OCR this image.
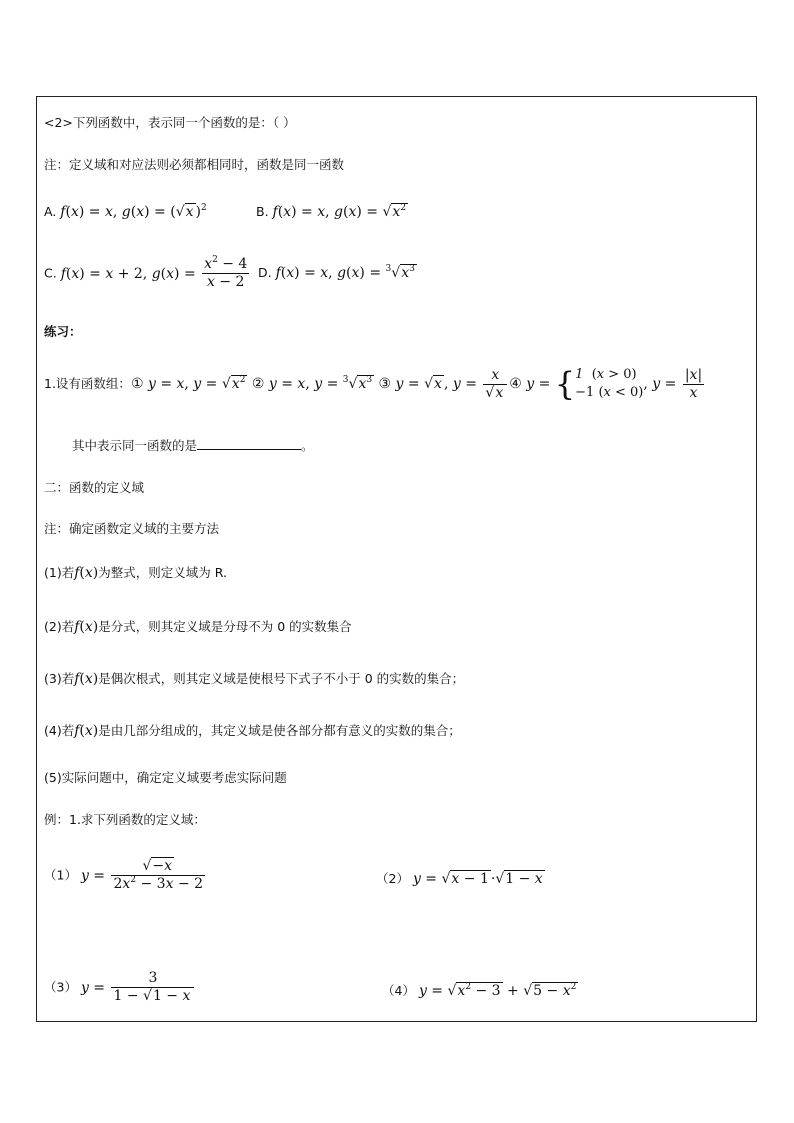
<2>下列函数中，表示同一个函数的是：（ ）
注：定义域和对应法则必须都相同时，函数是同一函数
A. f(x) = x, g(x) = (√x )$^2$	B. f(x) = x, $g(x) = √x^2$
C. f(x) = x + 2, $g(x) = \frac{x^2 - 4}{x - 2} D$. f(x) = x, $g(x) = ^3√x^3$
练习：
1.设有函数组：① y = x, $y = √x^2$ ② y = x, $y = ^3√x^3$ ③ y = √x , $y = \frac{x}{√x}$ ④ y = { 1  (x > 0)
−1 (x < 0)
, $y = \frac{|x|}{x}$
其中表示同一函数的是	。
二：函数的定义域
注：确定函数定义域的主要方法
(1)若f(x)为整式，则定义域为 R.
(2)若f(x)是分式，则其定义域是分母不为 0 的实数集合
(3)若f(x)是偶次根式，则其定义域是使根号下式子不小于 0 的实数的集合；
(4)若f(x)是由几部分组成的，其定义域是使各部分都有意义的实数的集合；
(5)实际问题中，确定定义域要考虑实际问题
例：1.求下列函数的定义域：
（1） $y = \frac{√-x}{2x^2 - 3x - 2}$	（2） y = √x − 1 ·√1 − x
（3） $y = \frac{3}{1 - √1 - x}$	（4） $y = √x^2 - 3 + √5 - x^2$
